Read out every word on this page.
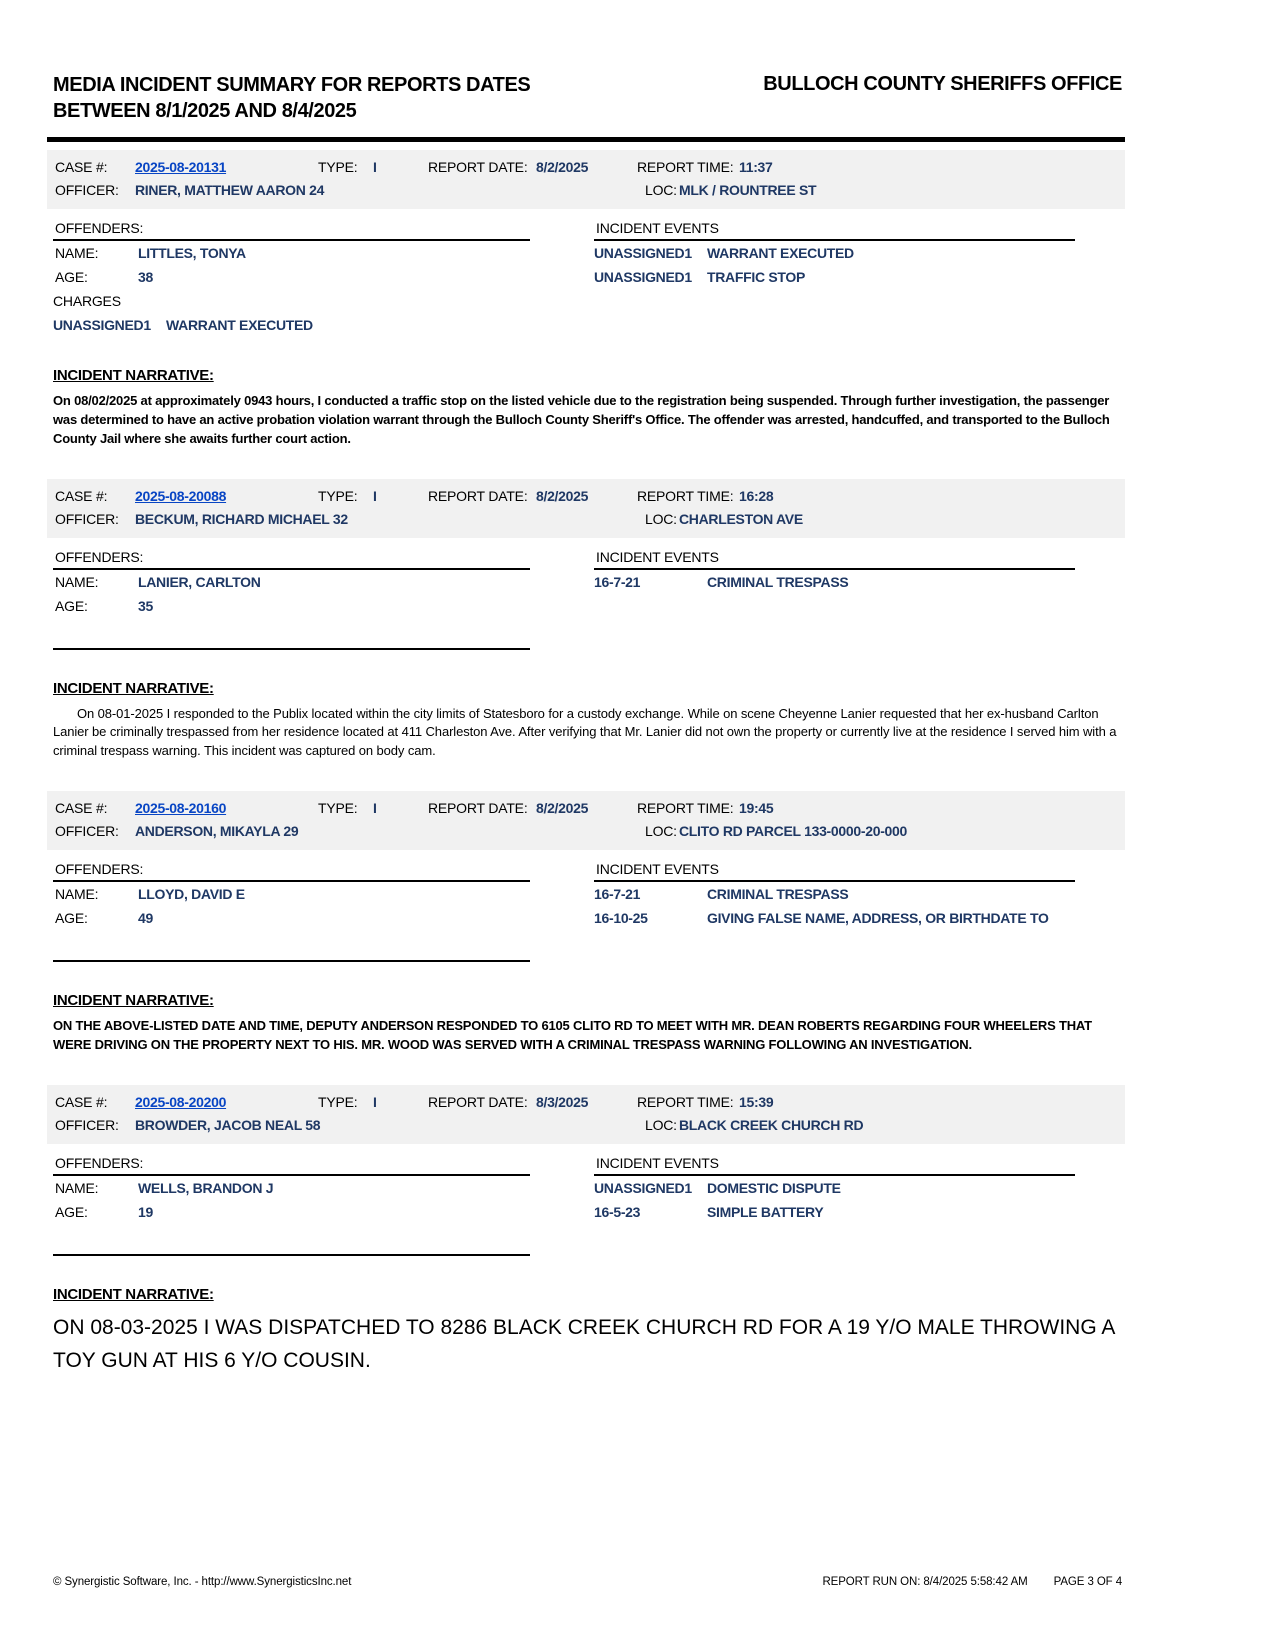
MEDIA INCIDENT SUMMARY FOR REPORTS DATES
BETWEEN 8/1/2025 AND 8/4/2025
BULLOCH COUNTY SHERIFFS OFFICE
CASE #: 2025-08-20131	TYPE: I	REPORT DATE: 8/2/2025	REPORT TIME: 11:37
OFFICER: RINER, MATTHEW AARON 24	LOC: MLK / ROUNTREE ST
OFFENDERS:
NAME:	LITTLES, TONYA
AGE:	38
CHARGES
UNASSIGNED1	WARRANT EXECUTED
INCIDENT EVENTS
UNASSIGNED1	WARRANT EXECUTED
UNASSIGNED1	TRAFFIC STOP
INCIDENT NARRATIVE:
On 08/02/2025 at approximately 0943 hours, I conducted a traffic stop on the listed vehicle due to the registration being suspended. Through further investigation, the passenger was determined to have an active probation violation warrant through the Bulloch County Sheriff's Office. The offender was arrested, handcuffed, and transported to the Bulloch County Jail where she awaits further court action.
CASE #: 2025-08-20088	TYPE: I	REPORT DATE: 8/2/2025	REPORT TIME: 16:28
OFFICER: BECKUM, RICHARD MICHAEL 32	LOC: CHARLESTON AVE
OFFENDERS:
NAME:	LANIER, CARLTON
AGE:	35
INCIDENT EVENTS
16-7-21	CRIMINAL TRESPASS
INCIDENT NARRATIVE:
On 08-01-2025 I responded to the Publix located within the city limits of Statesboro for a custody exchange. While on scene Cheyenne Lanier requested that her ex-husband Carlton Lanier be criminally trespassed from her residence located at 411 Charleston Ave. After verifying that Mr. Lanier did not own the property or currently live at the residence I served him with a criminal trespass warning. This incident was captured on body cam.
CASE #: 2025-08-20160	TYPE: I	REPORT DATE: 8/2/2025	REPORT TIME: 19:45
OFFICER: ANDERSON, MIKAYLA 29	LOC: CLITO RD PARCEL 133-0000-20-000
OFFENDERS:
NAME:	LLOYD, DAVID E
AGE:	49
INCIDENT EVENTS
16-7-21	CRIMINAL TRESPASS
16-10-25	GIVING FALSE NAME, ADDRESS, OR BIRTHDATE TO
INCIDENT NARRATIVE:
ON THE ABOVE-LISTED DATE AND TIME, DEPUTY ANDERSON RESPONDED TO 6105 CLITO RD TO MEET WITH MR. DEAN ROBERTS REGARDING FOUR WHEELERS THAT WERE DRIVING ON THE PROPERTY NEXT TO HIS. MR. WOOD WAS SERVED WITH A CRIMINAL TRESPASS WARNING FOLLOWING AN INVESTIGATION.
CASE #: 2025-08-20200	TYPE: I	REPORT DATE: 8/3/2025	REPORT TIME: 15:39
OFFICER: BROWDER, JACOB NEAL 58	LOC: BLACK CREEK CHURCH RD
OFFENDERS:
NAME:	WELLS, BRANDON J
AGE:	19
INCIDENT EVENTS
UNASSIGNED1	DOMESTIC DISPUTE
16-5-23	SIMPLE BATTERY
INCIDENT NARRATIVE:
ON 08-03-2025 I WAS DISPATCHED TO 8286 BLACK CREEK CHURCH RD FOR A 19 Y/O MALE THROWING A TOY GUN AT HIS 6 Y/O COUSIN.
© Synergistic Software, Inc. - http://www.SynergisticsInc.net	REPORT RUN ON: 8/4/2025 5:58:42 AM PAGE 3 OF 4
